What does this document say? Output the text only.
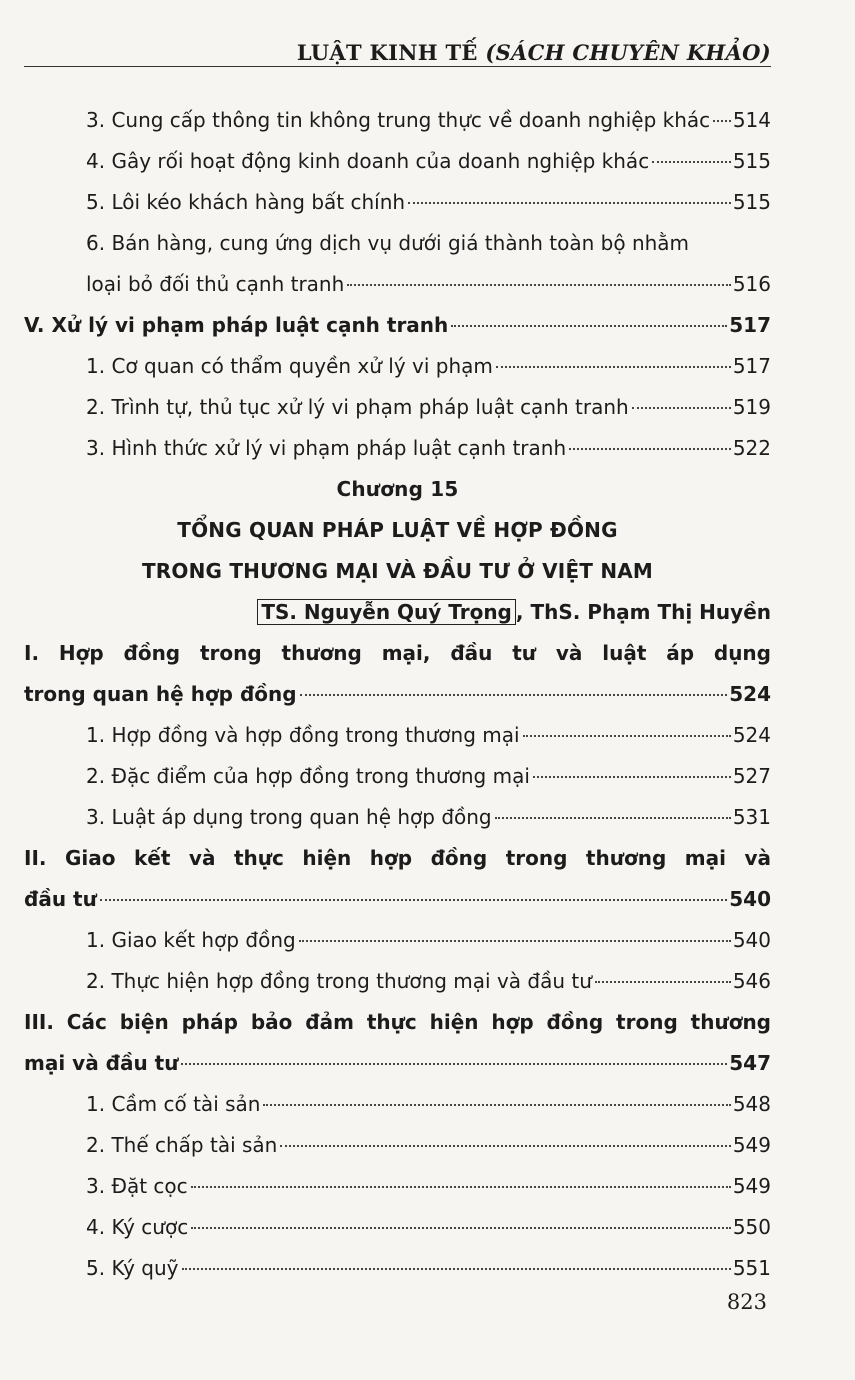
LUẬT KINH TẾ (SÁCH CHUYÊN KHẢO)
3. Cung cấp thông tin không trung thực về doanh nghiệp khác 514
4. Gây rối hoạt động kinh doanh của doanh nghiệp khác	515
5. Lôi kéo khách hàng bất chính	515
6. Bán hàng, cung ứng dịch vụ dưới giá thành toàn bộ nhằm
loại bỏ đối thủ cạnh tranh	516
V. Xử lý vi phạm pháp luật cạnh tranh	517
1. Cơ quan có thẩm quyền xử lý vi phạm	517
2. Trình tự, thủ tục xử lý vi phạm pháp luật cạnh tranh	519
3. Hình thức xử lý vi phạm pháp luật cạnh tranh	522
Chương 15
TỔNG QUAN PHÁP LUẬT VỀ HỢP ĐỒNG
TRONG THƯƠNG MẠI VÀ ĐẦU TƯ Ở VIỆT NAM
TS. Nguyễn Quý Trọng , ThS. Phạm Thị Huyền
I. Hợp đồng trong thương mại, đầu tư và luật áp dụng
trong quan hệ hợp đồng	524
1. Hợp đồng và hợp đồng trong thương mại	524
2. Đặc điểm của hợp đồng trong thương mại	527
3. Luật áp dụng trong quan hệ hợp đồng	531
II. Giao kết và thực hiện hợp đồng trong thương mại và
đầu tư	540
1. Giao kết hợp đồng	540
2. Thực hiện hợp đồng trong thương mại và đầu tư	546
III. Các biện pháp bảo đảm thực hiện hợp đồng trong thương
mại và đầu tư	547
1. Cầm cố tài sản	548
2. Thế chấp tài sản	549
3. Đặt cọc	549
4. Ký cược	550
5. Ký quỹ	551
823
